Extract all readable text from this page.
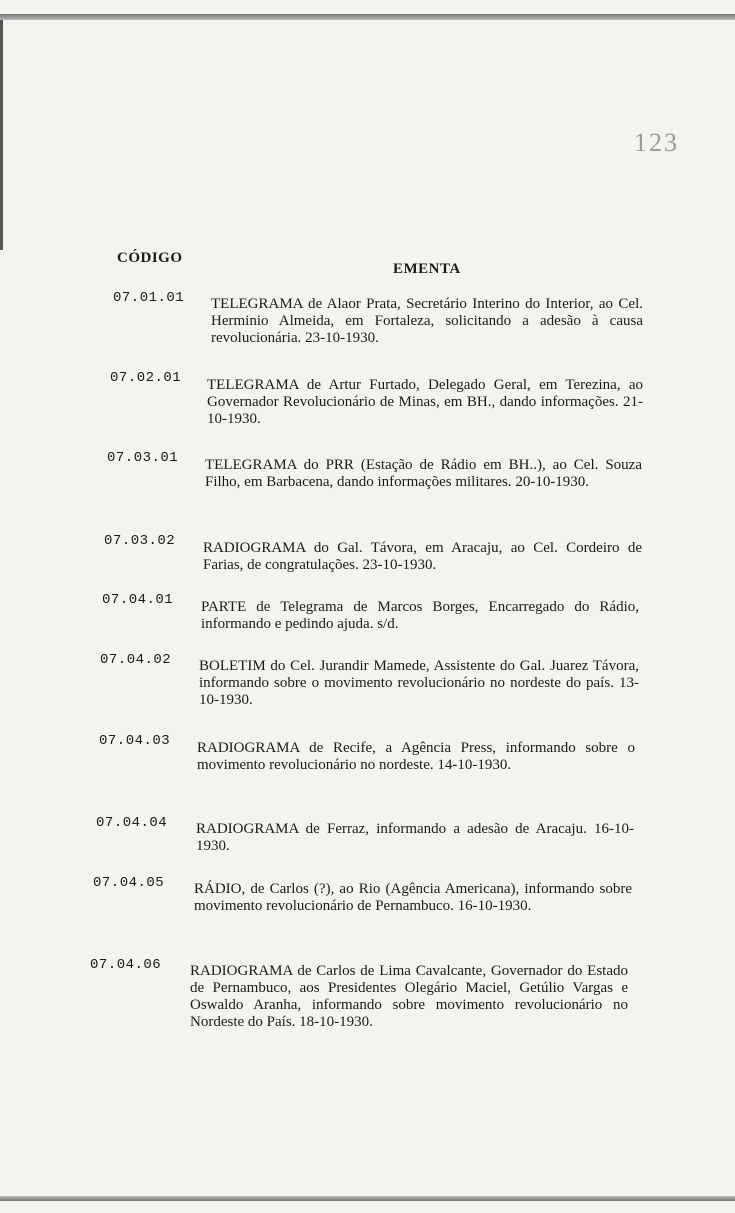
123
CÓDIGO
EMENTA
07.01.01 TELEGRAMA de Alaor Prata, Secretário Interino do Interior, ao Cel. Herminio Almeida, em Fortaleza, solicitando a adesão à causa revolucionária. 23-10-1930.
07.02.01 TELEGRAMA de Artur Furtado, Delegado Geral, em Terezina, ao Governador Revolucionário de Minas, em BH., dando informações. 21-10-1930.
07.03.01 TELEGRAMA do PRR (Estação de Rádio em BH..), ao Cel. Souza Filho, em Barbacena, dando informações militares. 20-10-1930.
07.03.02 RADIOGRAMA do Gal. Távora, em Aracaju, ao Cel. Cordeiro de Farias, de congratulações. 23-10-1930.
07.04.01 PARTE de Telegrama de Marcos Borges, Encarregado do Rádio, informando e pedindo ajuda. s/d.
07.04.02 BOLETIM do Cel. Jurandir Mamede, Assistente do Gal. Juarez Távora, informando sobre o movimento revolucionário no nordeste do país. 13-10-1930.
07.04.03 RADIOGRAMA de Recife, a Agência Press, informando sobre o movimento revolucionário no nordeste. 14-10-1930.
07.04.04 RADIOGRAMA de Ferraz, informando a adesão de Aracaju. 16-10-1930.
07.04.05 RÁDIO, de Carlos (?), ao Rio (Agência Americana), informando sobre movimento revolucionário de Pernambuco. 16-10-1930.
07.04.06 RADIOGRAMA de Carlos de Lima Cavalcante, Governador do Estado de Pernambuco, aos Presidentes Olegário Maciel, Getúlio Vargas e Oswaldo Aranha, informando sobre movimento revolucionário no Nordeste do País. 18-10-1930.
